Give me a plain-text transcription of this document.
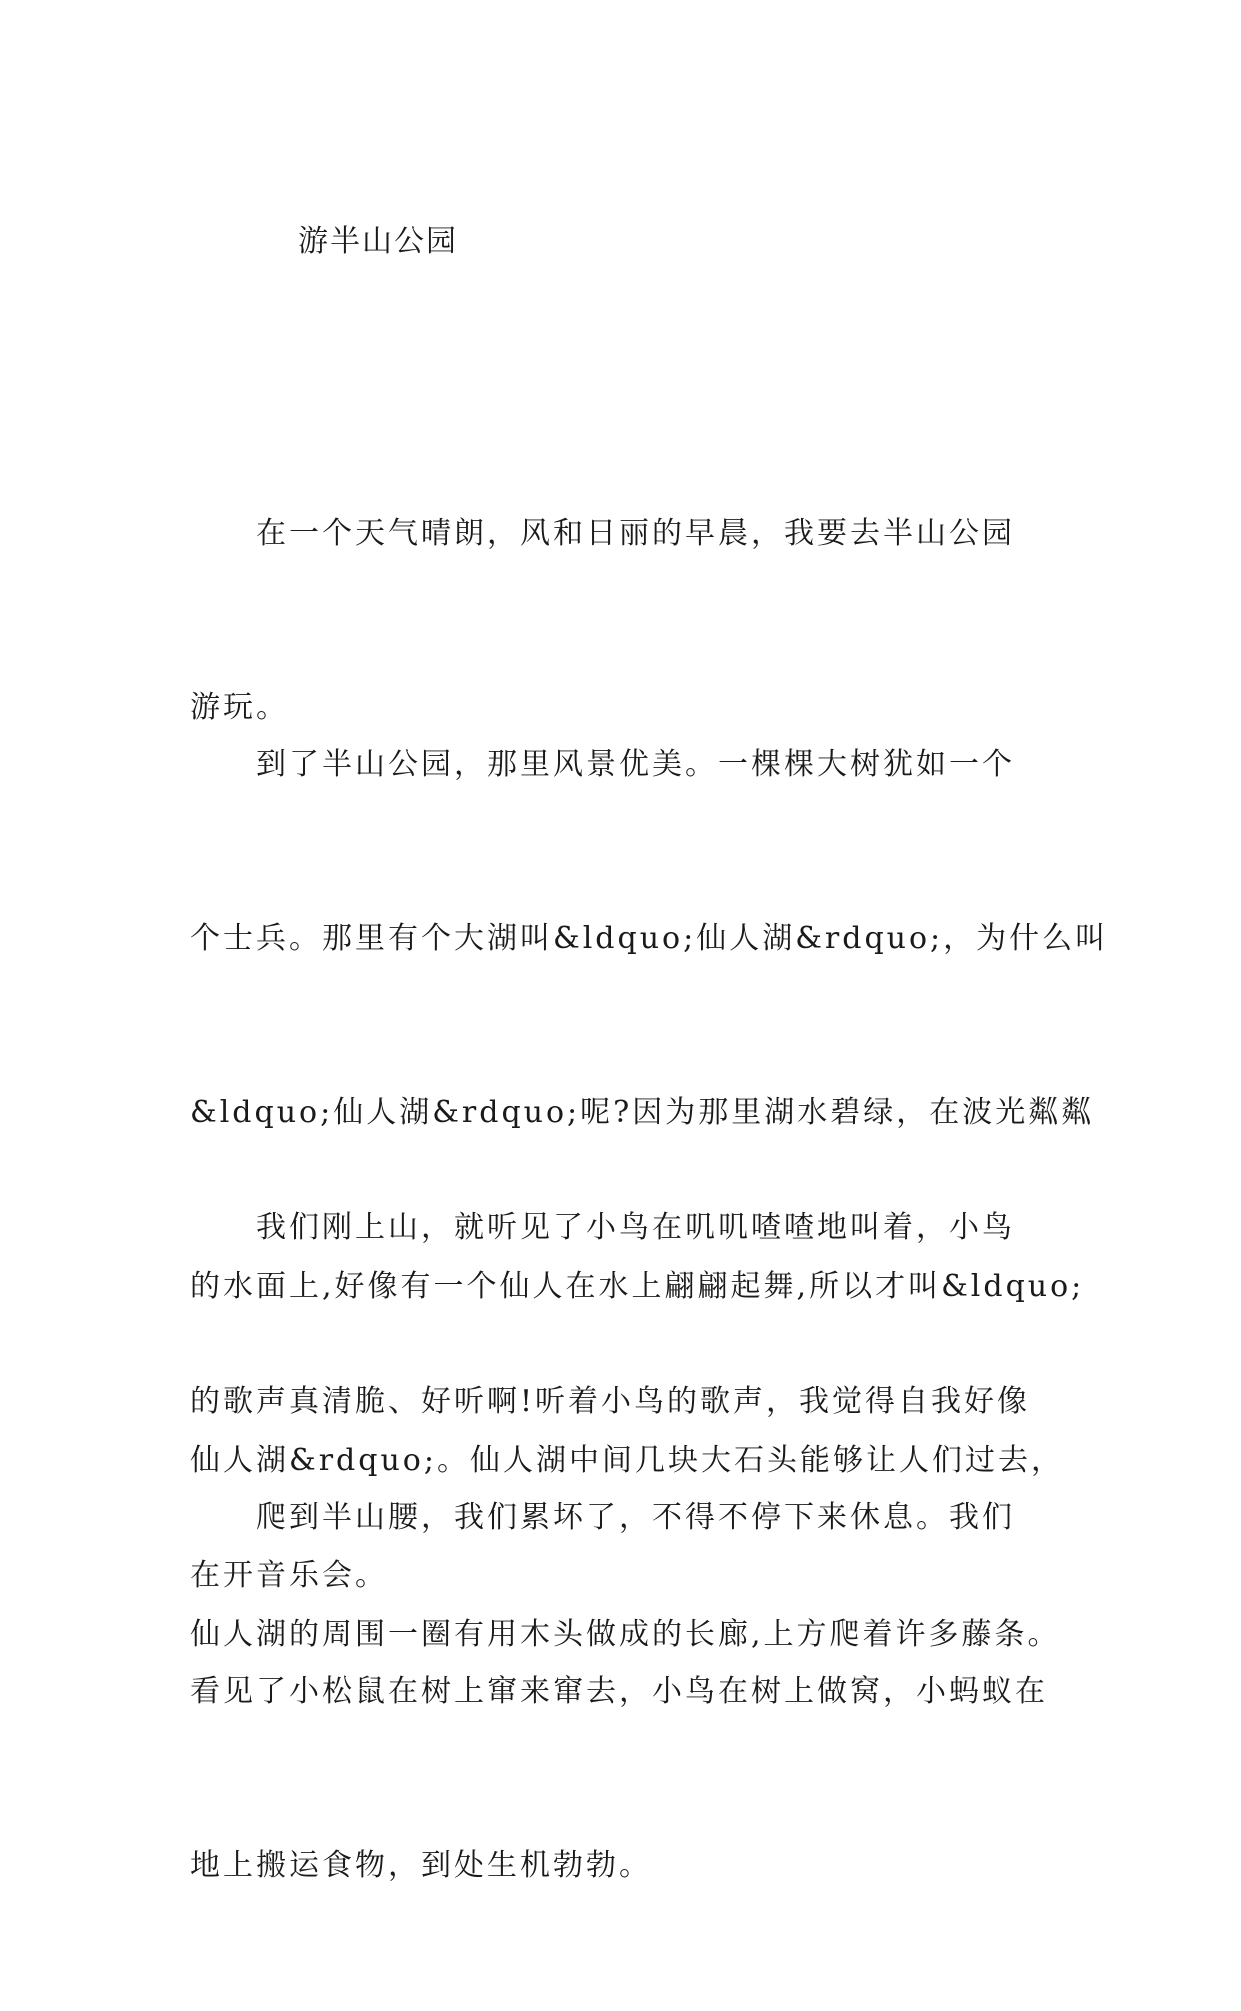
游半山公园

　　在一个天气晴朗，风和日丽的早晨，我要去半山公园

游玩。

　　到了半山公园，那里风景优美。一棵棵大树犹如一个

个士兵。那里有个大湖叫&ldquo;仙人湖&rdquo;，为什么叫

&ldquo;仙人湖&rdquo;呢?因为那里湖水碧绿，在波光粼粼

的水面上,好像有一个仙人在水上翩翩起舞,所以才叫&ldquo;

仙人湖&rdquo;。仙人湖中间几块大石头能够让人们过去，

仙人湖的周围一圈有用木头做成的长廊,上方爬着许多藤条。

　　我们刚上山，就听见了小鸟在叽叽喳喳地叫着，小鸟

的歌声真清脆、好听啊!听着小鸟的歌声，我觉得自我好像

在开音乐会。

　　爬到半山腰，我们累坏了，不得不停下来休息。我们

看见了小松鼠在树上窜来窜去，小鸟在树上做窝，小蚂蚁在

地上搬运食物，到处生机勃勃。
